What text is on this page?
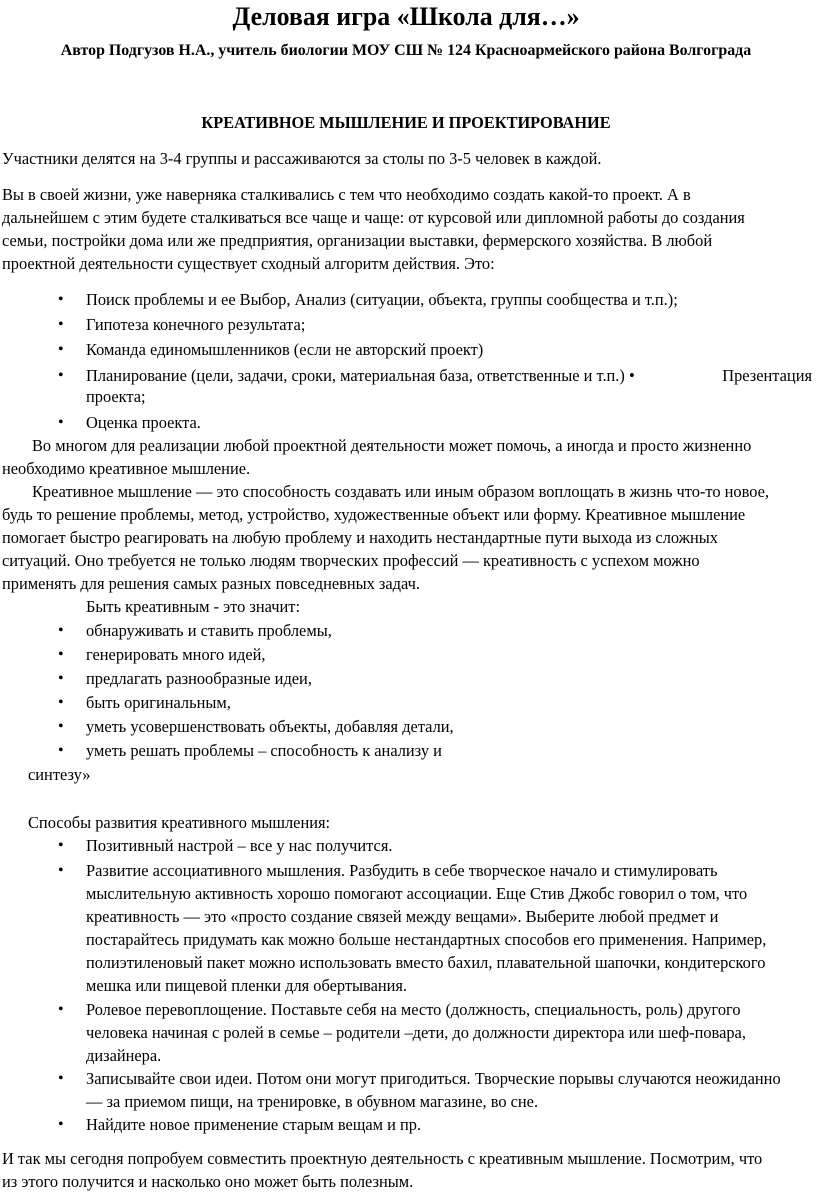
Деловая игра «Школа для…»
Автор Подгузов Н.А., учитель биологии МОУ СШ № 124 Красноармейского района Волгограда
КРЕАТИВНОЕ МЫШЛЕНИЕ И ПРОЕКТИРОВАНИЕ
Участники делятся на 3-4 группы и рассаживаются за столы по 3-5 человек в каждой.
Вы в своей жизни, уже наверняка сталкивались с тем что необходимо создать какой-то проект. А в
дальнейшем с этим будете сталкиваться все чаще и чаще: от курсовой или дипломной работы до создания
семьи, постройки дома или же предприятия, организации выставки, фермерского хозяйства. В любой
проектной деятельности существует сходный алгоритм действия. Это:
• Поиск проблемы и ее Выбор, Анализ (ситуации, объекта, группы сообщества и т.п.);
• Гипотеза конечного результата;
• Команда единомышленников (если не авторский проект)
• Планирование (цели, задачи, сроки, материальная база, ответственные и т.п.) •	Презентация
проекта;
• Оценка проекта.
Во многом для реализации любой проектной деятельности может помочь, а иногда и просто жизненно
необходимо креативное мышление.
Креативное мышление — это способность создавать или иным образом воплощать в жизнь что-то новое,
будь то решение проблемы, метод, устройство, художественные объект или форму. Креативное мышление
помогает быстро реагировать на любую проблему и находить нестандартные пути выхода из сложных
ситуаций. Оно требуется не только людям творческих профессий — креативность с успехом можно
применять для решения самых разных повседневных задач.
Быть креативным - это значит:
• обнаруживать и ставить проблемы,
• генерировать много идей,
• предлагать разнообразные идеи,
• быть оригинальным,
• уметь усовершенствовать объекты, добавляя детали,
• уметь решать проблемы – способность к анализу и
синтезу»
Способы развития креативного мышления:
• Позитивный настрой – все у нас получится.
• Развитие ассоциативного мышления. Разбудить в себе творческое начало и стимулировать
мыслительную активность хорошо помогают ассоциации. Еще Стив Джобс говорил о том, что
креативность — это «просто создание связей между вещами». Выберите любой предмет и
постарайтесь придумать как можно больше нестандартных способов его применения. Например,
полиэтиленовый пакет можно использовать вместо бахил, плавательной шапочки, кондитерского
мешка или пищевой пленки для обертывания.
• Ролевое перевоплощение. Поставьте себя на место (должность, специальность, роль) другого
человека начиная с ролей в семье – родители –дети, до должности директора или шеф-повара,
дизайнера.
• Записывайте свои идеи. Потом они могут пригодиться. Творческие порывы случаются неожиданно
— за приемом пищи, на тренировке, в обувном магазине, во сне.
• Найдите новое применение старым вещам и пр.
И так мы сегодня попробуем совместить проектную деятельность с креативным мышление. Посмотрим, что
из этого получится и насколько оно может быть полезным.
